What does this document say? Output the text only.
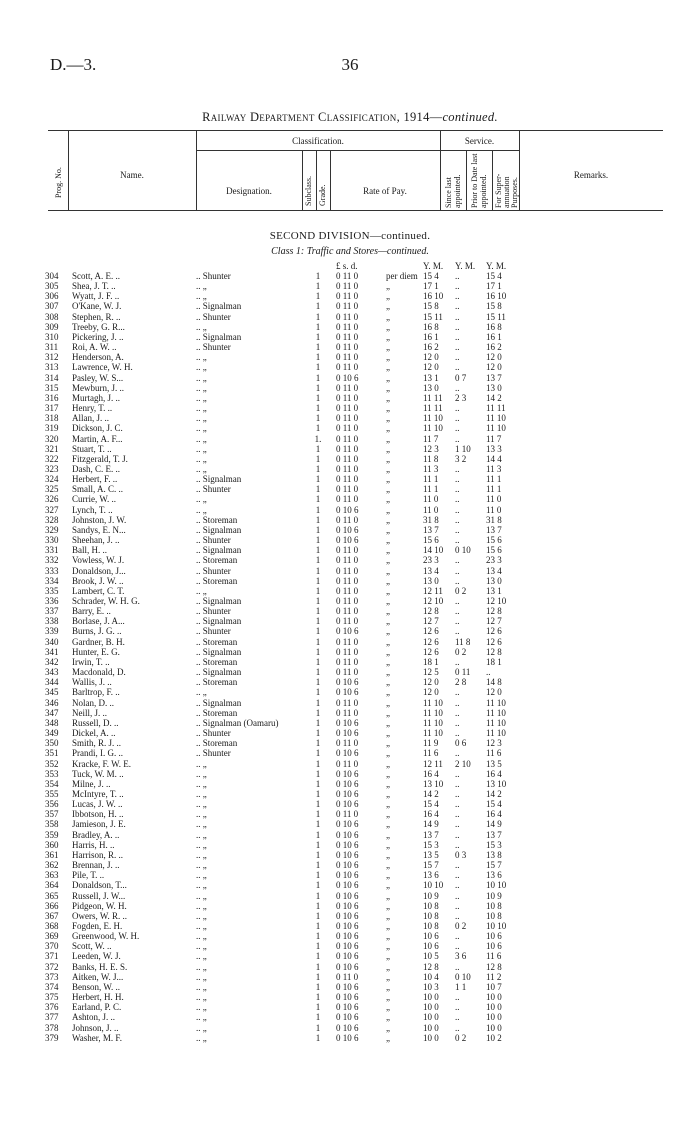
D.—3.	36
Railway Department Classification, 1914—continued.
Classification.	Service.
Name.
Designation.	Rate of Pay.
Remarks.
Prog. No.	Subclass. Grade.	Since last appointed. Prior to Date last appointed. For Super-annuation Purposes.
SECOND DIVISION—continued.
Class 1: Traffic and Stores—continued.
£ s. d.	Y. M. Y. M. Y. M.
304	Scott, A. E. ..	.. Shunter	1 0 11 0	per diem 15 4	..	15 4
305	Shea, J. T. ..	.. „	1 0 11 0	„	17 1	..	17 1
306	Wyatt, J. F. ..	.. „	1 0 11 0	„	16 10	..	16 10
307	O'Kane, W. J.	.. Signalman	1 0 11 0	„	15 8	..	15 8
308	Stephen, R. ..	.. Shunter	1 0 11 0	„	15 11	..	15 11
309	Treeby, G. R...	.. „	1 0 11 0	„	16 8	..	16 8
310	Pickering, J. ..	.. Signalman	1 0 11 0	„	16 1	..	16 1
311	Roi, A. W. ..	.. Shunter	1 0 11 0	„	16 2	..	16 2
312	Henderson, A.	.. „	1 0 11 0	„	12 0	..	12 0
313	Lawrence, W. H.	.. „	1 0 11 0	„	12 0	..	12 0
314	Pasley, W. S...	.. „	1 0 10 6	„	13 1	0 7	13 7
315	Mewburn, J. ..	.. „	1 0 11 0	„	13 0	..	13 0
316	Murtagh, J. ..	.. „	1 0 11 0	„	11 11	2 3	14 2
317	Henry, T. ..	.. „	1 0 11 0	„	11 11	..	11 11
318	Allan, J. ..	.. „	1 0 11 0	„	11 10	..	11 10
319	Dickson, J. C.	.. „	1 0 11 0	„	11 10	..	11 10
320	Martin, A. F...	.. „	1. 0 11 0	„	11 7	..	11 7
321	Stuart, T. ..	.. „	1 0 11 0	„	12 3	1 10	13 3
322	Fitzgerald, T. J.	.. „	1 0 11 0	„	11 8	3 2	14 4
323	Dash, C. E. ..	.. „	1 0 11 0	„	11 3	..	11 3
324	Herbert, F. ..	.. Signalman	1 0 11 0	„	11 1	..	11 1
325	Small, A. C. ..	.. Shunter	1 0 11 0	„	11 1	..	11 1
326	Currie, W. ..	.. „	1 0 11 0	„	11 0	..	11 0
327	Lynch, T. ..	.. „	1 0 10 6	„	11 0	..	11 0
328	Johnston, J. W.	.. Storeman	1 0 11 0	„	31 8	..	31 8
329	Sandys, E. N...	.. Signalman	1 0 10 6	„	13 7	..	13 7
330	Sheehan, J. ..	.. Shunter	1 0 10 6	„	15 6	..	15 6
331	Ball, H. ..	.. Signalman	1 0 11 0	„	14 10	0 10	15 6
332	Vowless, W. J.	.. Storeman	1 0 11 0	„	23 3	..	23 3
333	Donaldson, J...	.. Shunter	1 0 11 0	„	13 4	..	13 4
334	Brook, J. W. ..	.. Storeman	1 0 11 0	„	13 0	..	13 0
335	Lambert, C. T.	.. „	1 0 11 0	„	12 11	0 2	13 1
336	Schrader, W. H. G.	.. Signalman	1 0 11 0	„	12 10	..	12 10
337	Barry, E. ..	.. Shunter	1 0 11 0	„	12 8	..	12 8
338	Borlase, J. A...	.. Signalman	1 0 11 0	„	12 7	..	12 7
339	Burns, J. G. ..	.. Shunter	1 0 10 6	„	12 6	..	12 6
340	Gardner, B. H.	.. Storeman	1 0 11 0	„	12 6	11 8	12 6
341	Hunter, E. G.	.. Signalman	1 0 11 0	„	12 6	0 2	12 8
342	Irwin, T. ..	.. Storeman	1 0 11 0	„	18 1	..	18 1
343	Macdonald, D.	.. Signalman	1 0 11 0	„	12 5	0 11	..
344	Wallis, J. ..	.. Storeman	1 0 10 6	„	12 0	2 8	14 8
345	Barltrop, F. ..	.. „	1 0 10 6	„	12 0	..	12 0
346	Nolan, D. ..	.. Signalman	1 0 11 0	„	11 10	..	11 10
347	Neill, J. ..	.. Storeman	1 0 11 0	„	11 10	..	11 10
348	Russell, D. ..	.. Signalman (Oamaru)	1 0 10 6	„	11 10	..	11 10
349	Dickel, A. ..	.. Shunter	1 0 10 6	„	11 10	..	11 10
350	Smith, R. J. ..	.. Storeman	1 0 11 0	„	11 9	0 6	12 3
351	Prandi, I. G. ..	.. Shunter	1 0 10 6	„	11 6	..	11 6
352	Kracke, F. W. E.	.. „	1 0 11 0	„	12 11	2 10	13 5
353	Tuck, W. M. ..	.. „	1 0 10 6	„	16 4	..	16 4
354	Milne, J. ..	.. „	1 0 10 6	„	13 10	..	13 10
355	McIntyre, T. ..	.. „	1 0 10 6	„	14 2	..	14 2
356	Lucas, J. W. ..	.. „	1 0 10 6	„	15 4	..	15 4
357	Ibbotson, H. ..	.. „	1 0 11 0	„	16 4	..	16 4
358	Jamieson, J. E.	.. „	1 0 10 6	„	14 9	..	14 9
359	Bradley, A. ..	.. „	1 0 10 6	„	13 7	..	13 7
360	Harris, H. ..	.. „	1 0 10 6	„	15 3	..	15 3
361	Harrison, R. ..	.. „	1 0 10 6	„	13 5	0 3	13 8
362	Brennan, J. ..	.. „	1 0 10 6	„	15 7	..	15 7
363	Pile, T. ..	.. „	1 0 10 6	„	13 6	..	13 6
364	Donaldson, T...	.. „	1 0 10 6	„	10 10	..	10 10
365	Russell, J. W...	.. „	1 0 10 6	„	10 9	..	10 9
366	Pidgeon, W. H.	.. „	1 0 10 6	„	10 8	..	10 8
367	Owers, W. R. ..	.. „	1 0 10 6	„	10 8	..	10 8
368	Fogden, E. H.	.. „	1 0 10 6	„	10 8	0 2	10 10
369	Greenwood, W. H.	.. „	1 0 10 6	„	10 6	..	10 6
370	Scott, W. ..	.. „	1 0 10 6	„	10 6	..	10 6
371	Leeden, W. J.	.. „	1 0 10 6	„	10 5	3 6	11 6
372	Banks, H. E. S.	.. „	1 0 10 6	„	12 8	..	12 8
373	Aitken, W. J...	.. „	1 0 11 0	„	10 4	0 10	11 2
374	Benson, W. ..	.. „	1 0 10 6	„	10 3	1 1	10 7
375	Herbert, H. H.	.. „	1 0 10 6	„	10 0	..	10 0
376	Earland, P. C.	.. „	1 0 10 6	„	10 0	..	10 0
377	Ashton, J. ..	.. „	1 0 10 6	„	10 0	..	10 0
378	Johnson, J. ..	.. „	1 0 10 6	„	10 0	..	10 0
379	Washer, M. F.	.. „	1 0 10 6	„	10 0	0 2	10 2
